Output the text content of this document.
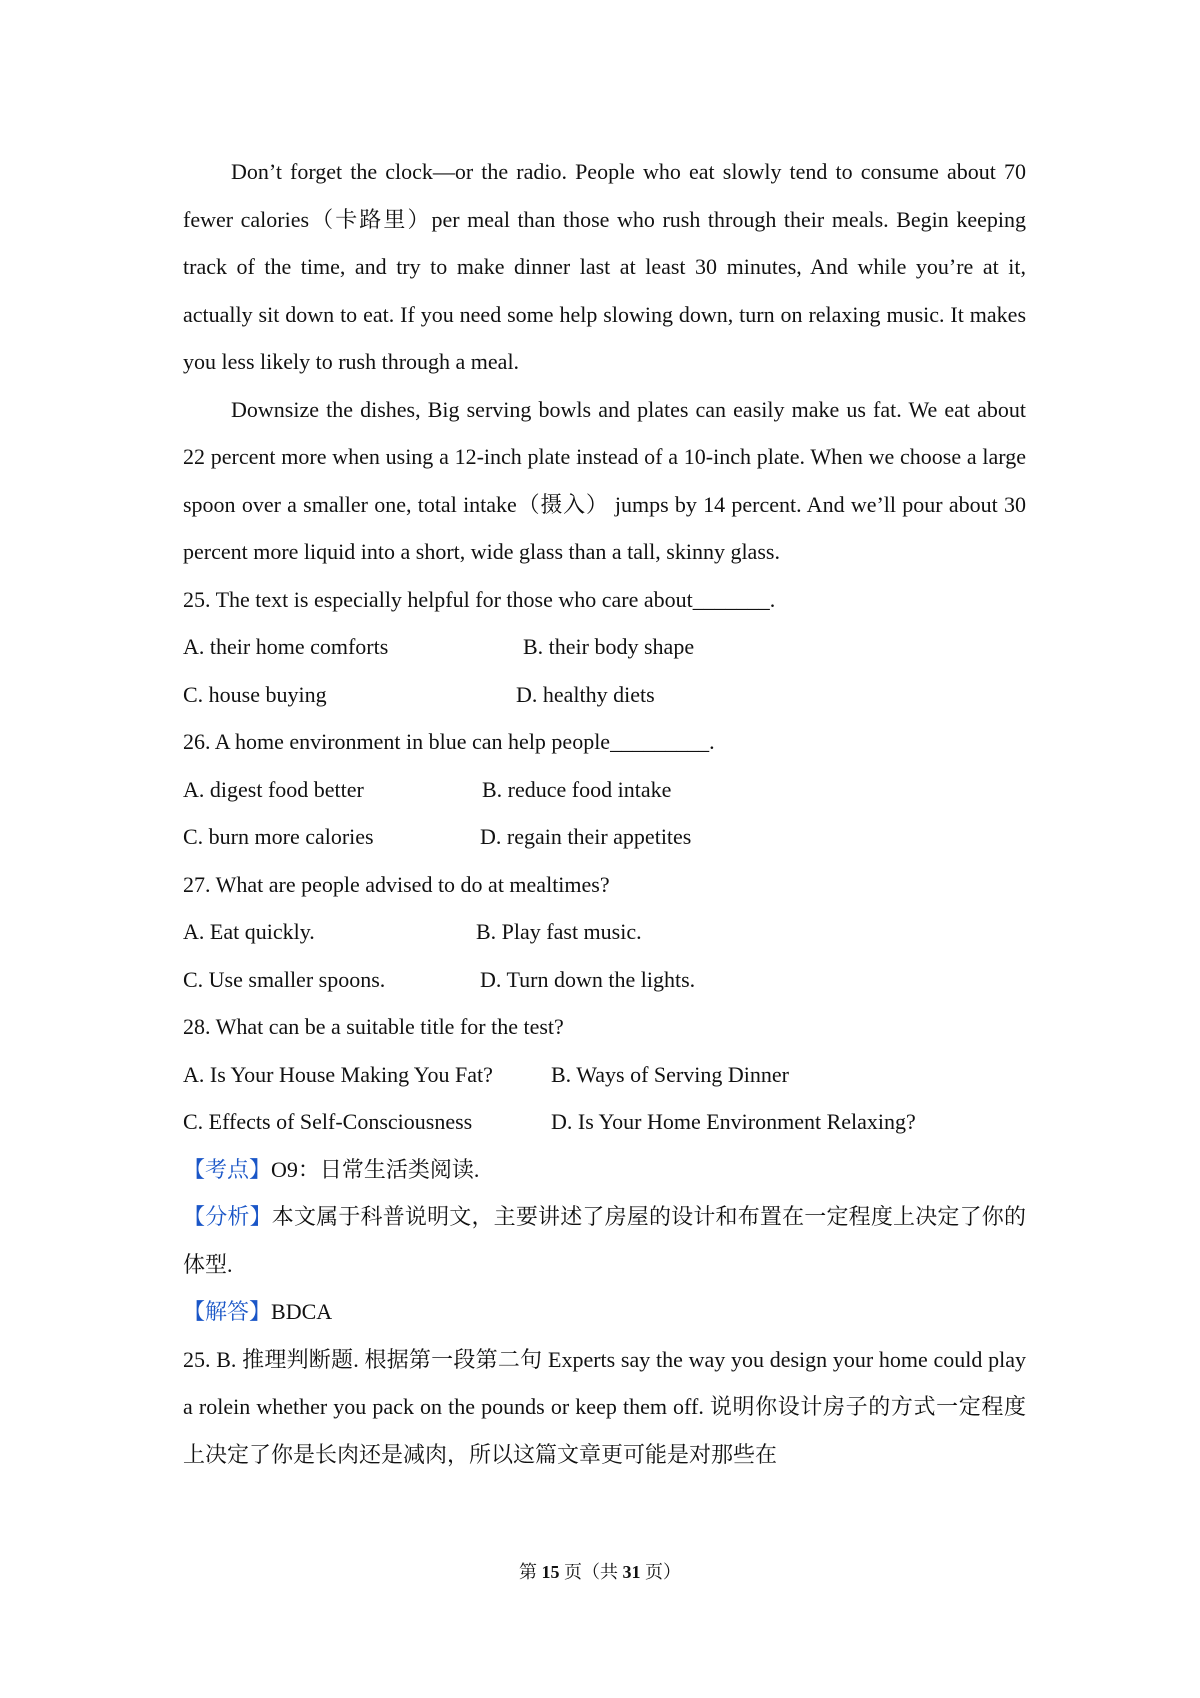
Don’t forget the clock—or the radio. People who eat slowly tend to consume about 70 fewer calories（卡路里）per meal than those who rush through their meals. Begin keeping track of the time, and try to make dinner last at least 30 minutes, And while you’re at it, actually sit down to eat. If you need some help slowing down, turn on relaxing music. It makes you less likely to rush through a meal.

Downsize the dishes, Big serving bowls and plates can easily make us fat. We eat about 22 percent more when using a 12-inch plate instead of a 10-inch plate. When we choose a large spoon over a smaller one, total intake（摄入） jumps by 14 percent. And we’ll pour about 30 percent more liquid into a short, wide glass than a tall, skinny glass.

25. The text is especially helpful for those who care about_______.

A. their home comforts	B. their body shape
C. house buying	D. healthy diets

26. A home environment in blue can help people_________.

A. digest food better	B. reduce food intake
C. burn more calories	D. regain their appetites

27. What are people advised to do at mealtimes?

A. Eat quickly.	B. Play fast music.
C. Use smaller spoons.	D. Turn down the lights.

28. What can be a suitable title for the test?

A. Is Your House Making You Fat?	B. Ways of Serving Dinner
C. Effects of Self-Consciousness	D. Is Your Home Environment Relaxing?

【考点】O9：日常生活类阅读.

【分析】本文属于科普说明文，主要讲述了房屋的设计和布置在一定程度上决定了你的体型.

【解答】BDCA

25. B. 推理判断题. 根据第一段第二句 Experts say the way you design your home could play a rolein whether you pack on the pounds or keep them off. 说明你设计房子的方式一定程度上决定了你是长肉还是减肉，所以这篇文章更可能是对那些在

第 15 页（共 31 页）
